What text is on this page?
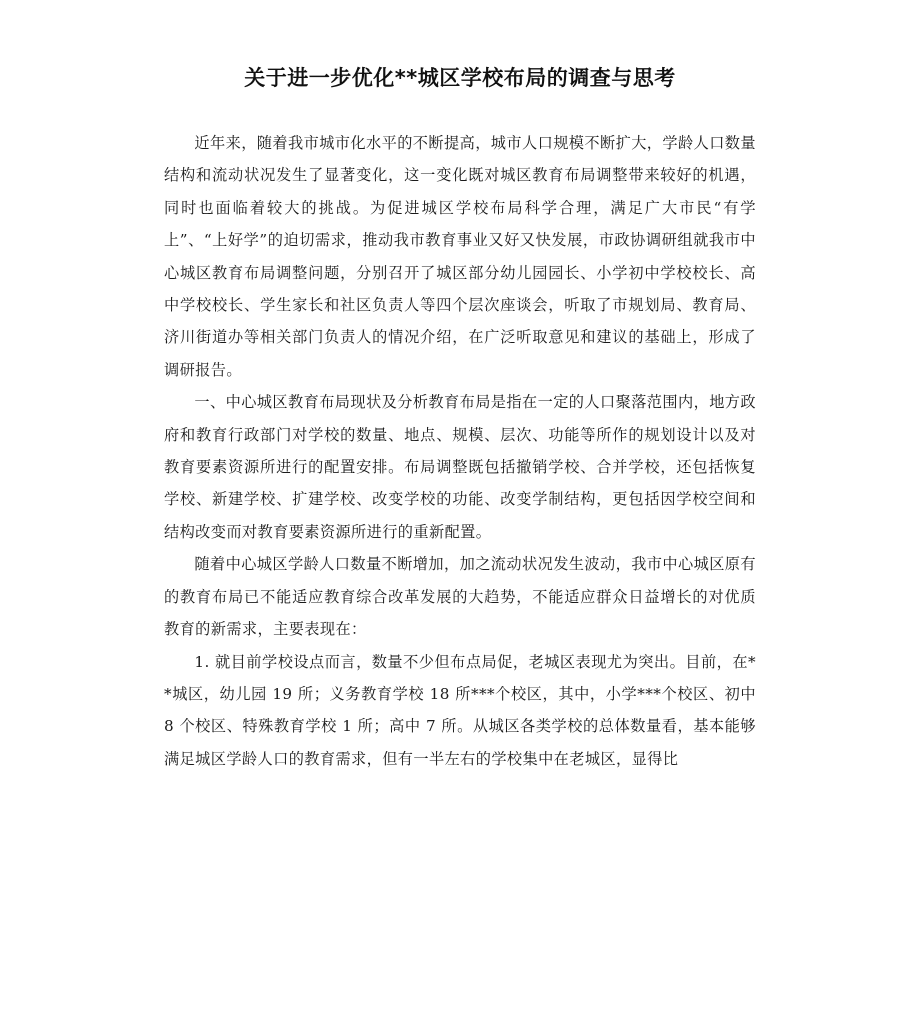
关于进一步优化**城区学校布局的调查与思考

近年来，随着我市城市化水平的不断提高，城市人口规模不断扩大，学龄人口数量结构和流动状况发生了显著变化，这一变化既对城区教育布局调整带来较好的机遇，同时也面临着较大的挑战。为促进城区学校布局科学合理，满足广大市民“有学上”、“上好学”的迫切需求，推动我市教育事业又好又快发展，市政协调研组就我市中心城区教育布局调整问题，分别召开了城区部分幼儿园园长、小学初中学校校长、高中学校校长、学生家长和社区负责人等四个层次座谈会，听取了市规划局、教育局、济川街道办等相关部门负责人的情况介绍，在广泛听取意见和建议的基础上，形成了调研报告。

一、中心城区教育布局现状及分析教育布局是指在一定的人口聚落范围内，地方政府和教育行政部门对学校的数量、地点、规模、层次、功能等所作的规划设计以及对教育要素资源所进行的配置安排。布局调整既包括撤销学校、合并学校，还包括恢复学校、新建学校、扩建学校、改变学校的功能、改变学制结构，更包括因学校空间和结构改变而对教育要素资源所进行的重新配置。

随着中心城区学龄人口数量不断增加，加之流动状况发生波动，我市中心城区原有的教育布局已不能适应教育综合改革发展的大趋势，不能适应群众日益增长的对优质教育的新需求，主要表现在：

1. 就目前学校设点而言，数量不少但布点局促，老城区表现尤为突出。目前，在**城区，幼儿园 19 所；义务教育学校 18 所***个校区，其中，小学***个校区、初中 8 个校区、特殊教育学校 1 所；高中 7 所。从城区各类学校的总体数量看，基本能够满足城区学龄人口的教育需求，但有一半左右的学校集中在老城区，显得比
